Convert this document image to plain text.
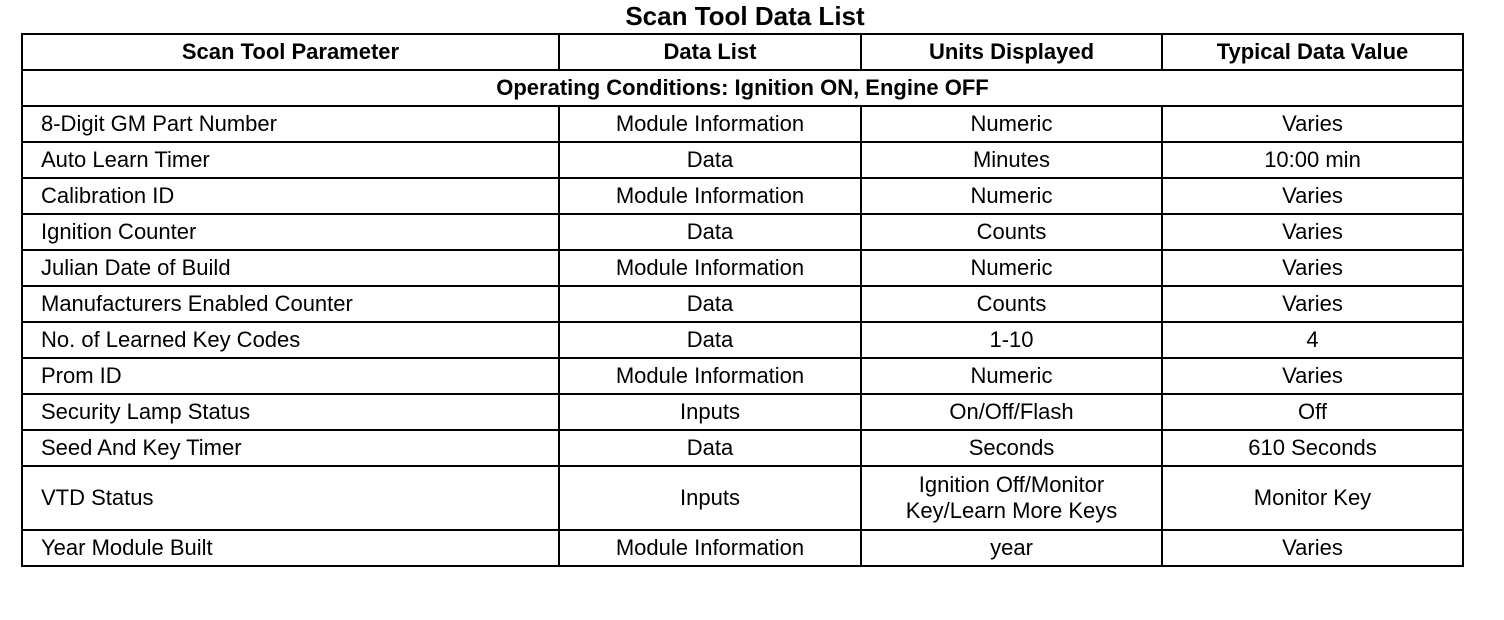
Scan Tool Data List
Scan Tool Parameter	Data List	Units Displayed	Typical Data Value
Operating Conditions: Ignition ON, Engine OFF			
8-Digit GM Part Number	Module Information	Numeric	Varies
Auto Learn Timer	Data	Minutes	10:00 min
Calibration ID	Module Information	Numeric	Varies
Ignition Counter	Data	Counts	Varies
Julian Date of Build	Module Information	Numeric	Varies
Manufacturers Enabled Counter	Data	Counts	Varies
No. of Learned Key Codes	Data	1-10	4
Prom ID	Module Information	Numeric	Varies
Security Lamp Status	Inputs	On/Off/Flash	Off
Seed And Key Timer	Data	Seconds	610 Seconds
VTD Status	Inputs	Ignition Off/Monitor Key/Learn More Keys	Monitor Key
Year Module Built	Module Information	year	Varies
